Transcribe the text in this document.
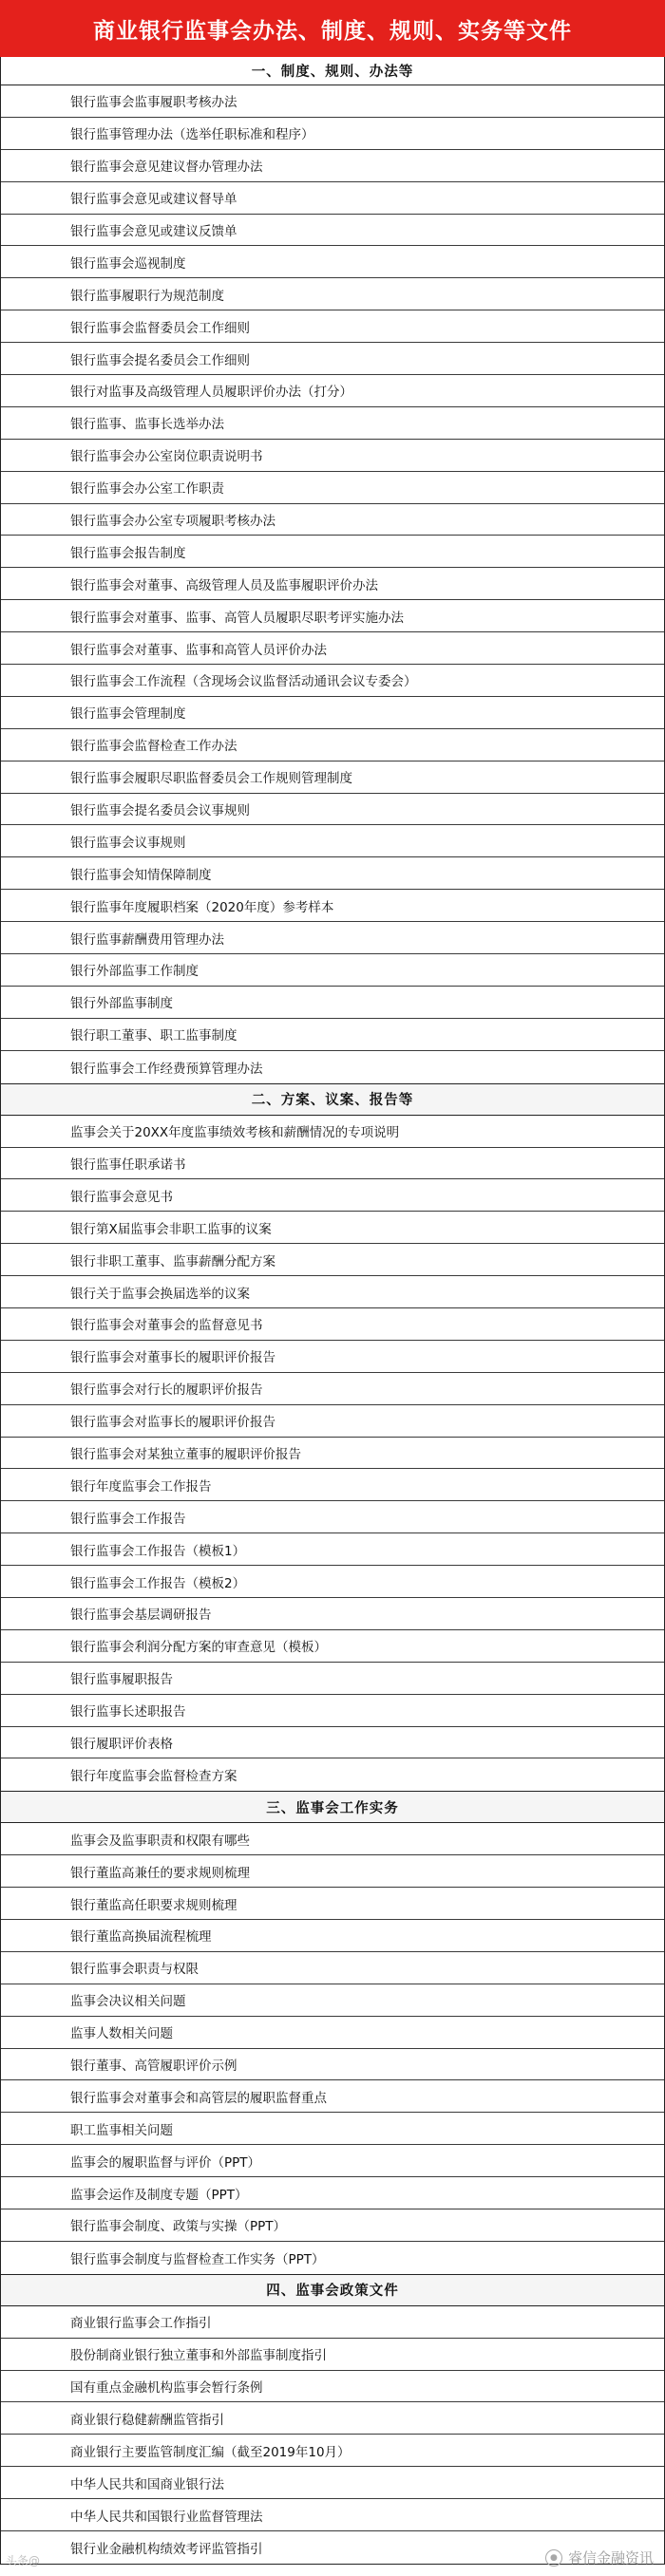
商业银行监事会办法、制度、规则、实务等文件
一、制度、规则、办法等
银行监事会监事履职考核办法
银行监事管理办法（选举任职标准和程序）
银行监事会意见建议督办管理办法
银行监事会意见或建议督导单
银行监事会意见或建议反馈单
银行监事会巡视制度
银行监事履职行为规范制度
银行监事会监督委员会工作细则
银行监事会提名委员会工作细则
银行对监事及高级管理人员履职评价办法（打分）
银行监事、监事长选举办法
银行监事会办公室岗位职责说明书
银行监事会办公室工作职责
银行监事会办公室专项履职考核办法
银行监事会报告制度
银行监事会对董事、高级管理人员及监事履职评价办法
银行监事会对董事、监事、高管人员履职尽职考评实施办法
银行监事会对董事、监事和高管人员评价办法
银行监事会工作流程（含现场会议监督活动通讯会议专委会）
银行监事会管理制度
银行监事会监督检查工作办法
银行监事会履职尽职监督委员会工作规则管理制度
银行监事会提名委员会议事规则
银行监事会议事规则
银行监事会知情保障制度
银行监事年度履职档案（2020年度）参考样本
银行监事薪酬费用管理办法
银行外部监事工作制度
银行外部监事制度
银行职工董事、职工监事制度
银行监事会工作经费预算管理办法
二、方案、议案、报告等
监事会关于20XX年度监事绩效考核和薪酬情况的专项说明
银行监事任职承诺书
银行监事会意见书
银行第X届监事会非职工监事的议案
银行非职工董事、监事薪酬分配方案
银行关于监事会换届选举的议案
银行监事会对董事会的监督意见书
银行监事会对董事长的履职评价报告
银行监事会对行长的履职评价报告
银行监事会对监事长的履职评价报告
银行监事会对某独立董事的履职评价报告
银行年度监事会工作报告
银行监事会工作报告
银行监事会工作报告（模板1）
银行监事会工作报告（模板2）
银行监事会基层调研报告
银行监事会利润分配方案的审查意见（模板）
银行监事履职报告
银行监事长述职报告
银行履职评价表格
银行年度监事会监督检查方案
三、监事会工作实务
监事会及监事职责和权限有哪些
银行董监高兼任的要求规则梳理
银行董监高任职要求规则梳理
银行董监高换届流程梳理
银行监事会职责与权限
监事会决议相关问题
监事人数相关问题
银行董事、高管履职评价示例
银行监事会对董事会和高管层的履职监督重点
职工监事相关问题
监事会的履职监督与评价（PPT）
监事会运作及制度专题（PPT）
银行监事会制度、政策与实操（PPT）
银行监事会制度与监督检查工作实务（PPT）
四、监事会政策文件
商业银行监事会工作指引
股份制商业银行独立董事和外部监事制度指引
国有重点金融机构监事会暂行条例
商业银行稳健薪酬监管指引
商业银行主要监管制度汇编（截至2019年10月）
中华人民共和国商业银行法
中华人民共和国银行业监督管理法
银行业金融机构绩效考评监管指引
头条@	● 睿信金融资讯
